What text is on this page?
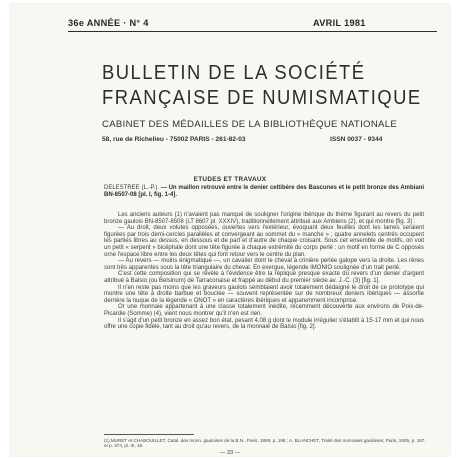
36e ANNÉE · N° 4	AVRIL 1981
BULLETIN DE LA SOCIÉTÉ
FRANÇAISE DE NUMISMATIQUE
CABINET DES MÉDAILLES DE LA BIBLIOTHÈQUE NATIONALE
58, rue de Richelieu - 75002 PARIS - 261-82-03	ISSN 0037 - 9344
ETUDES ET TRAVAUX
DELESTREE (L.-P.). — Un maillon retrouvé entre le denier celtibère des Bascunes et le petit bronze des Ambiani BN-8507-08 [pl. I, fig. 1-4].

Les anciens auteurs (1) n'avaient pas manqué de souligner l'origine ibérique du thème figurant au revers du petit bronze gaulois BN-8507-8508 (LT 8607 pl. XXXIV), traditionnellement attribué aux Ambiens (2), et qui montre [fig. 3] :

— Au droit, deux volutes opposées, ouvertes vers l'extérieur, évoquant deux feuilles dont les lames seraient figurées par trois demi-cercles parallèles et convergeant au sommet du « manche » ; quatre annelets centrés occupent les parties libres au dessus, en dessous et de part et d'autre de chaque croisant. Sous cet ensemble de motifs, on voit un petit « serpent » bicéphale dont une tête figurée à chaque extrémité du corps perlé : un motif en forme de C opposés orne l'espace libre entre les deux têtes qui font retour vers le centre du plan.

— Au revers — moins énigmatique —, un cavalier dont le cheval à crinière perlée galope vers la droite. Les rênes sont très apparentes sous la tête triangulaire du cheval. En exergue, légende IMONIO soulignée d'un trait perlé.

C'est cette composition qui se révèle à l'évidence être la réplique presque exacte du revers d'un denier d'argent attribué à Balsio (ou Belsinum) de Tarraconaise et frappé au début du premier siècle av. J.-C. (3) [fig. 1].

Il n'en reste pas moins que les graveurs gaulois semblaient avoir totalement dédaigné le droit de ce prototype qui montre une tête à droite barbue et bouclée — souvent représentée sur de nombreux deniers ibériques — assortie derrière la nuque de la légende « ONOT » en caractères ibériques et apparemment incomprise.

Or une monnaie appartenant à une classe totalement inédite, récemment découverte aux environs de Poix-de-Picardie (Somme) (4), vient nous montrer qu'il n'en est rien.

Il s'agit d'un petit bronze en assez bon état, pesant 4,08 g dont le module irrégulier s'établit à 15-17 mm et qui nous offre une copie fidèle, tant au droit qu'au revers, de la monnaie de Balsio [fig. 2].

(1) MURET et CHABOUILLET, Catal. des monn. gauloises de la B.N., Paris, 1889, p. 198 ; A. BLANCHET, Traité des monnaies gauloises, Paris, 1905, p. 167, et p. 374, pl. III, 18.
— 33 —
